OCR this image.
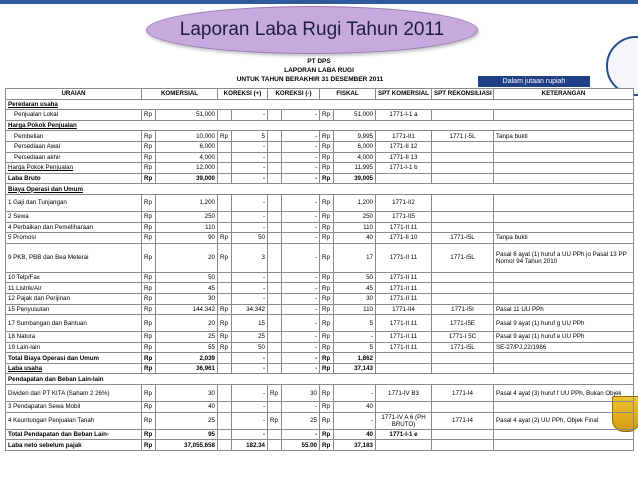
Laporan Laba Rugi Tahun 2011
PT DPS
LAPORAN LABA RUGI
UNTUK TAHUN BERAKHIR 31 DESEMBER 2011	Dalam jutaan rupiah
URAIAN	KOMERSIAL		KOREKSI (+)		KOREKSI (-)		FISKAL		SPT KOMERSIAL	SPT REKONSILIASI	KETERANGAN
Peredaran usaha											
Penjualan Lokal	Rp	51,000		-		-	Rp	51,000	1771-I-1 a		
Harga Pokok Penjualan											
Pembelian	Rp	10,000	Rp	5		-	Rp	9,995	1771-II1	1771 I-5L	Tanpa bukti
Persediaan Awal	Rp	6,000		-		-	Rp	6,000	1771-II 12		
Persediaan akhir	Rp	4,000		-		-	Rp	4,000	1771-II 13		
Harga Pokok Penjualan	Rp	12,000		-		-	Rp	11,995	1771-I-1 b		
Laba Bruto	Rp	39,000		-		-	Rp	39,005			
Biaya Operasi dan Umum											
1 Gaji dan Tunjangan	Rp	1,200		-		-	Rp	1,200	1771-II2		
2 Sewa	Rp	250		-		-	Rp	250	1771-II5		
4 Perbaikan dan Pemeliharaan	Rp	110		-		-	Rp	110	1771-II 11		
5 Promosi	Rp	90	Rp	50		-	Rp	40	1771-II 10	1771-I5L	Tanpa bukti
9 PKB, PBB dan Bea Meterai	Rp	20	Rp	3		-	Rp	17	1771-II 11	1771-I5L	Pasal 6 ayat (1) huruf a UU PPh jo Pasal 13 PP Nomor 94 Tahun 2010
10 Telp/Fax	Rp	50		-		-	Rp	50	1771-II 11		
11 Listrik/Air	Rp	45		-		-	Rp	45	1771-II 11		
12 Pajak dan Perijinan	Rp	30		-		-	Rp	30	1771-II 11		
15 Penyusutan	Rp	144.342	Rp	34.342		-	Rp	110	1771-II4	1771-I5I	Pasal 11 UU PPh
17 Sumbangan dan Bantuan	Rp	20	Rp	15		-	Rp	5	1771-II 11	1771-I5E	Pasal 9 ayat (1) huruf g UU PPh
18 Natura	Rp	25	Rp	25		-	Rp	-	1771-II 11	1771-I 5C	Pasal 9 ayat (1) huruf e UU PPh
19 Lain-lain	Rp	55	Rp	50		-	Rp	5	1771-II 11	1771-I5L	SE-27/PJ.22/1986
Total Biaya Operasi dan Umum	Rp	2,039		-		-	Rp	1,862			
Laba usaha	Rp	36,961		-		-	Rp	37,143			
Pendapatan dan Beban Lain-lain											
Dividen dari PT KITA (Saham 2 26%)	Rp	30		-	Rp	30	Rp	-	1771-IV B3	1771-I4	Pasal 4 ayat (3) huruf f UU PPh, Bukan Objek
3 Pendapatan Sewa Mobil	Rp	40		-		-	Rp	40			
4 Keuntungan Penjualan Tanah	Rp	25		-	Rp	25	Rp	-	1771-IV A 6 (PH BRUTO)	1771-I4	Pasal 4 ayat (2) UU PPh, Objek Final
Total Pendapatan dan Beban Lain-	Rp	95		-		-	Rp	40	1771-I-1 e		
Laba neto sebelum pajak	Rp	37,055.658		182.34		55.00	Rp	37,183			
